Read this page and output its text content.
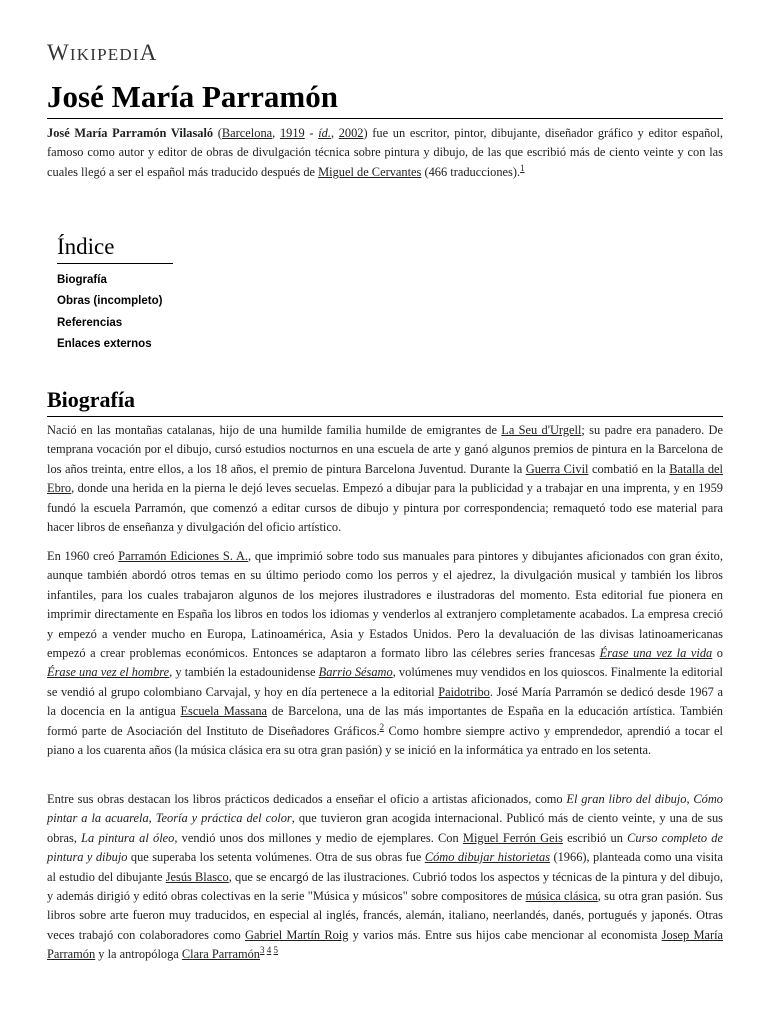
WIKIPEDIA
José María Parramón

José María Parramón Vilasaló (Barcelona, 1919 - íd., 2002) fue un escritor, pintor, dibujante, diseñador gráfico y editor español, famoso como autor y editor de obras de divulgación técnica sobre pintura y dibujo, de las que escribió más de ciento veinte y con las cuales llegó a ser el español más traducido después de Miguel de Cervantes (466 traducciones).$^1$

Índice
Biografía
Obras (incompleto)
Referencias
Enlaces externos
Biografía

Nació en las montañas catalanas, hijo de una humilde familia humilde de emigrantes de La Seu d'Urgell; su padre era panadero. De temprana vocación por el dibujo, cursó estudios nocturnos en una escuela de arte y ganó algunos premios de pintura en la Barcelona de los años treinta, entre ellos, a los 18 años, el premio de pintura Barcelona Juventud. Durante la Guerra Civil combatió en la Batalla del Ebro, donde una herida en la pierna le dejó leves secuelas. Empezó a dibujar para la publicidad y a trabajar en una imprenta, y en 1959 fundó la escuela Parramón, que comenzó a editar cursos de dibujo y pintura por correspondencia; remaquetó todo ese material para hacer libros de enseñanza y divulgación del oficio artístico.

En 1960 creó Parramón Ediciones S. A., que imprimió sobre todo sus manuales para pintores y dibujantes aficionados con gran éxito, aunque también abordó otros temas en su último periodo como los perros y el ajedrez, la divulgación musical y también los libros infantiles, para los cuales trabajaron algunos de los mejores ilustradores e ilustradoras del momento. Esta editorial fue pionera en imprimir directamente en España los libros en todos los idiomas y venderlos al extranjero completamente acabados. La empresa creció y empezó a vender mucho en Europa, Latinoamérica, Asia y Estados Unidos. Pero la devaluación de las divisas latinoamericanas empezó a crear problemas económicos. Entonces se adaptaron a formato libro las célebres series francesas Érase una vez la vida o Érase una vez el hombre, y también la estadounidense Barrio Sésamo, volúmenes muy vendidos en los quioscos. Finalmente la editorial se vendió al grupo colombiano Carvajal, y hoy en día pertenece a la editorial Paidotribo. José María Parramón se dedicó desde 1967 a la docencia en la antigua Escuela Massana de Barcelona, una de las más importantes de España en la educación artística. También formó parte de Asociación del Instituto de Diseñadores Gráficos.$^2$ Como hombre siempre activo y emprendedor, aprendió a tocar el piano a los cuarenta años (la música clásica era su otra gran pasión) y se inició en la informática ya entrado en los setenta.

Entre sus obras destacan los libros prácticos dedicados a enseñar el oficio a artistas aficionados, como El gran libro del dibujo, Cómo pintar a la acuarela, Teoría y práctica del color, que tuvieron gran acogida internacional. Publicó más de ciento veinte, y una de sus obras, La pintura al óleo, vendió unos dos millones y medio de ejemplares. Con Miguel Ferrón Geis escribió un Curso completo de pintura y dibujo que superaba los setenta volúmenes. Otra de sus obras fue Cómo dibujar historietas (1966), planteada como una visita al estudio del dibujante Jesús Blasco, que se encargó de las ilustraciones. Cubrió todos los aspectos y técnicas de la pintura y del dibujo, y además dirigió y editó obras colectivas en la serie "Música y músicos" sobre compositores de música clásica, su otra gran pasión. Sus libros sobre arte fueron muy traducidos, en especial al inglés, francés, alemán, italiano, neerlandés, danés, portugués y japonés. Otras veces trabajó con colaboradores como Gabriel Martín Roig y varios más. Entre sus hijos cabe mencionar al economista Josep María Parramón y la antropóloga Clara Parramón$^{3 4 5}$
